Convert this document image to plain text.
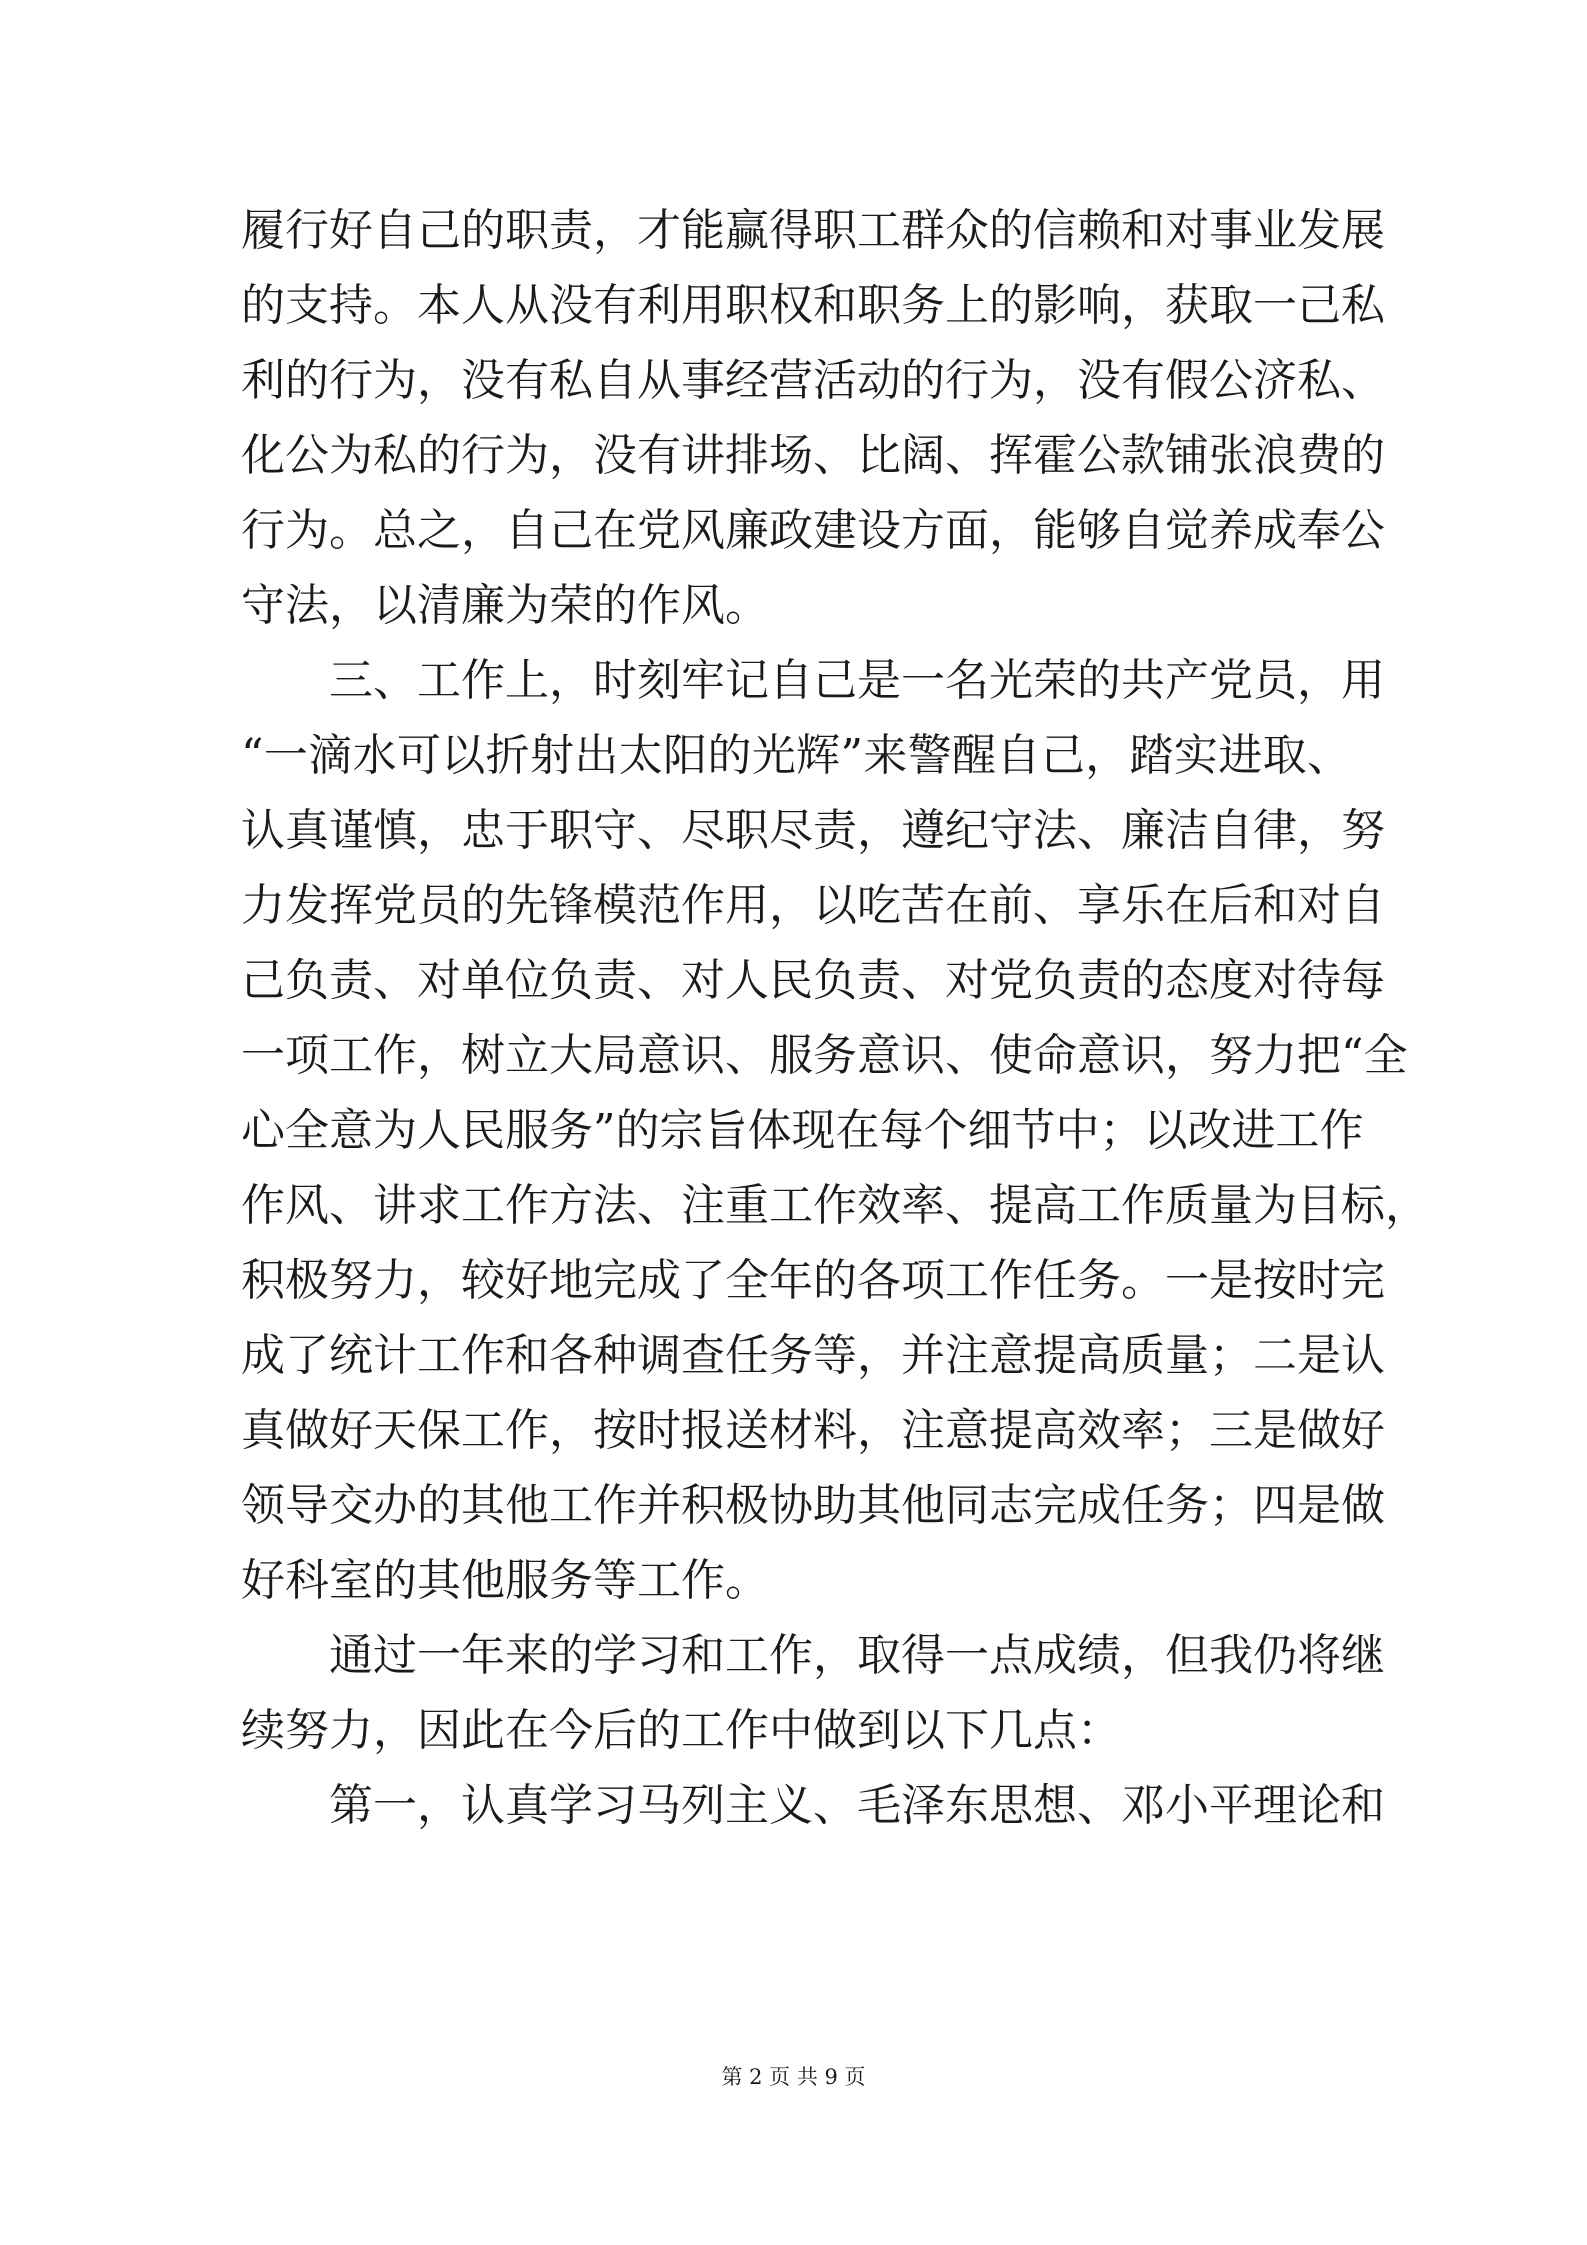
履行好自己的职责，才能赢得职工群众的信赖和对事业发展
的支持。本人从没有利用职权和职务上的影响，获取一己私
利的行为，没有私自从事经营活动的行为，没有假公济私、
化公为私的行为，没有讲排场、比阔、挥霍公款铺张浪费的
行为。总之，自己在党风廉政建设方面，能够自觉养成奉公
守法，以清廉为荣的作风。
　　三、工作上，时刻牢记自己是一名光荣的共产党员，用
“一滴水可以折射出太阳的光辉”来警醒自己，踏实进取、
认真谨慎，忠于职守、尽职尽责，遵纪守法、廉洁自律，努
力发挥党员的先锋模范作用，以吃苦在前、享乐在后和对自
己负责、对单位负责、对人民负责、对党负责的态度对待每
一项工作，树立大局意识、服务意识、使命意识，努力把“全
心全意为人民服务”的宗旨体现在每个细节中；以改进工作
作风、讲求工作方法、注重工作效率、提高工作质量为目标，
积极努力，较好地完成了全年的各项工作任务。一是按时完
成了统计工作和各种调查任务等，并注意提高质量；二是认
真做好天保工作，按时报送材料，注意提高效率；三是做好
领导交办的其他工作并积极协助其他同志完成任务；四是做
好科室的其他服务等工作。
　　通过一年来的学习和工作，取得一点成绩，但我仍将继
续努力，因此在今后的工作中做到以下几点：
　　第一，认真学习马列主义、毛泽东思想、邓小平理论和
第 2 页 共 9 页
